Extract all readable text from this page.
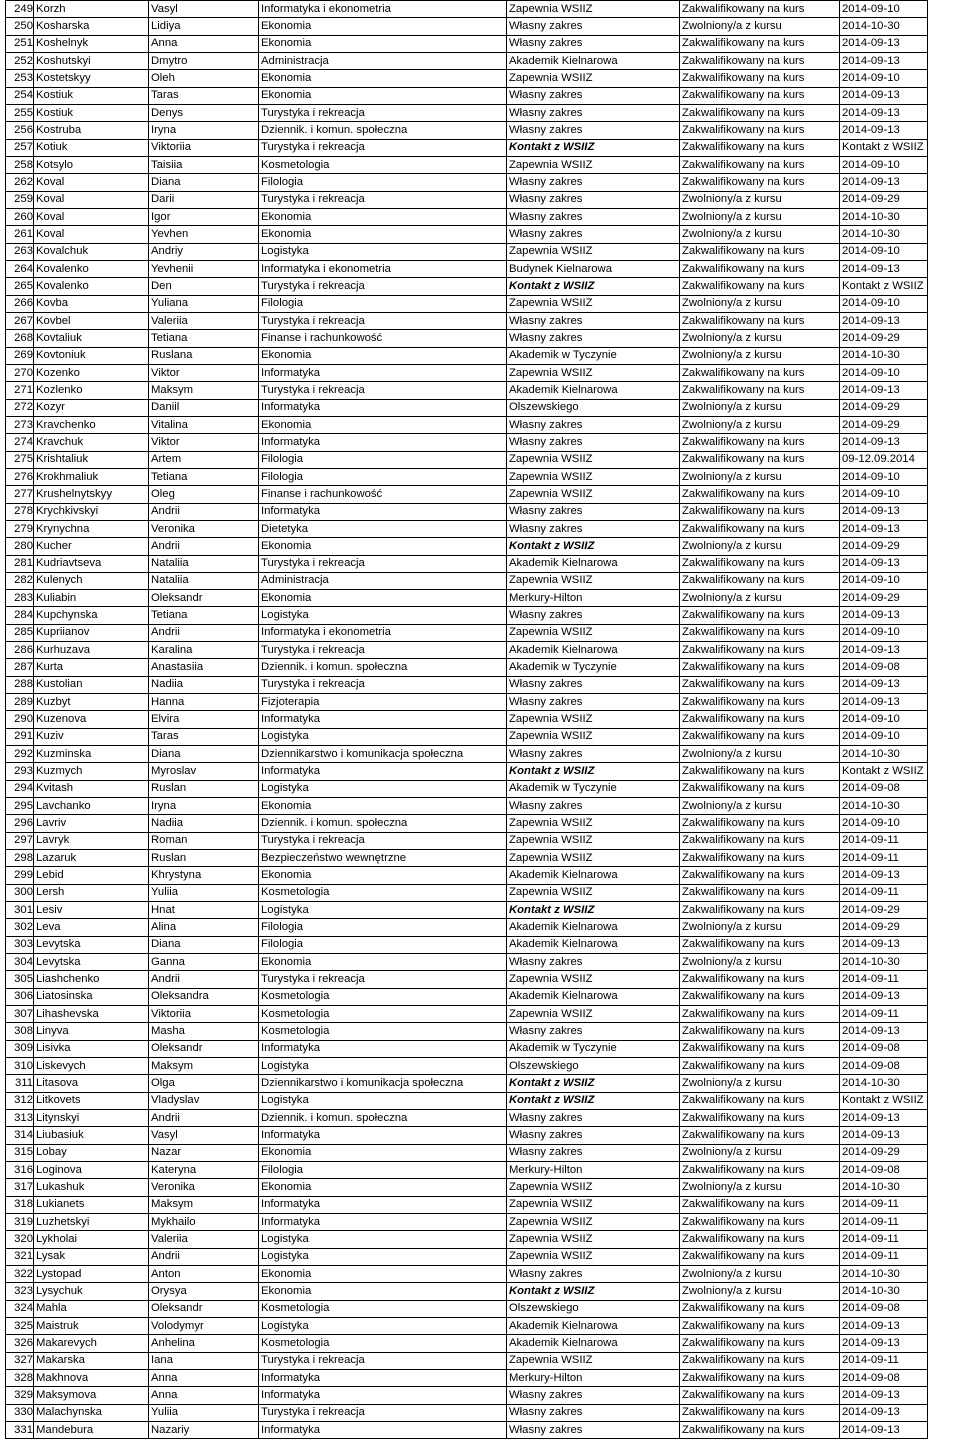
249	Korzh	Vasyl	Informatyka i ekonometria	Zapewnia WSIIZ	Zakwalifikowany na kurs	2014-09-10
250	Kosharska	Lidiya	Ekonomia	Własny zakres	Zwolniony/a z kursu	2014-10-30
251	Koshelnyk	Anna	Ekonomia	Własny zakres	Zakwalifikowany na kurs	2014-09-13
252	Koshutskyi	Dmytro	Administracja	Akademik Kielnarowa	Zakwalifikowany na kurs	2014-09-13
253	Kostetskyy	Oleh	Ekonomia	Zapewnia WSIIZ	Zakwalifikowany na kurs	2014-09-10
254	Kostiuk	Taras	Ekonomia	Własny zakres	Zakwalifikowany na kurs	2014-09-13
255	Kostiuk	Denys	Turystyka i rekreacja	Własny zakres	Zakwalifikowany na kurs	2014-09-13
256	Kostruba	Iryna	Dziennik. i komun. społeczna	Własny zakres	Zakwalifikowany na kurs	2014-09-13
257	Kotiuk	Viktoriia	Turystyka i rekreacja	Kontakt z WSIIZ	Zakwalifikowany na kurs	Kontakt z WSIIZ
258	Kotsylo	Taisiia	Kosmetologia	Zapewnia WSIIZ	Zakwalifikowany na kurs	2014-09-10
262	Koval	Diana	Filologia	Własny zakres	Zakwalifikowany na kurs	2014-09-13
259	Koval	Darii	Turystyka i rekreacja	Własny zakres	Zwolniony/a z kursu	2014-09-29
260	Koval	Igor	Ekonomia	Własny zakres	Zwolniony/a z kursu	2014-10-30
261	Koval	Yevhen	Ekonomia	Własny zakres	Zwolniony/a z kursu	2014-10-30
263	Kovalchuk	Andriy	Logistyka	Zapewnia WSIIZ	Zakwalifikowany na kurs	2014-09-10
264	Kovalenko	Yevhenii	Informatyka i ekonometria	Budynek Kielnarowa	Zakwalifikowany na kurs	2014-09-13
265	Kovalenko	Den	Turystyka i rekreacja	Kontakt z WSIIZ	Zakwalifikowany na kurs	Kontakt z WSIIZ
266	Kovba	Yuliana	Filologia	Zapewnia WSIIZ	Zwolniony/a z kursu	2014-09-10
267	Kovbel	Valeriia	Turystyka i rekreacja	Własny zakres	Zakwalifikowany na kurs	2014-09-13
268	Kovtaliuk	Tetiana	Finanse i rachunkowość	Własny zakres	Zwolniony/a z kursu	2014-09-29
269	Kovtoniuk	Ruslana	Ekonomia	Akademik w Tyczynie	Zwolniony/a z kursu	2014-10-30
270	Kozenko	Viktor	Informatyka	Zapewnia WSIIZ	Zakwalifikowany na kurs	2014-09-10
271	Kozlenko	Maksym	Turystyka i rekreacja	Akademik Kielnarowa	Zakwalifikowany na kurs	2014-09-13
272	Kozyr	Daniil	Informatyka	Olszewskiego	Zwolniony/a z kursu	2014-09-29
273	Kravchenko	Vitalina	Ekonomia	Własny zakres	Zwolniony/a z kursu	2014-09-29
274	Kravchuk	Viktor	Informatyka	Własny zakres	Zakwalifikowany na kurs	2014-09-13
275	Krishtaliuk	Artem	Filologia	Zapewnia WSIIZ	Zakwalifikowany na kurs	09-12.09.2014
276	Krokhmaliuk	Tetiana	Filologia	Zapewnia WSIIZ	Zwolniony/a z kursu	2014-09-10
277	Krushelnytskyy	Oleg	Finanse i rachunkowość	Zapewnia WSIIZ	Zakwalifikowany na kurs	2014-09-10
278	Krychkivskyi	Andrii	Informatyka	Własny zakres	Zakwalifikowany na kurs	2014-09-13
279	Krynychna	Veronika	Dietetyka	Własny zakres	Zakwalifikowany na kurs	2014-09-13
280	Kucher	Andrii	Ekonomia	Kontakt z WSIIZ	Zwolniony/a z kursu	2014-09-29
281	Kudriavtseva	Nataliia	Turystyka i rekreacja	Akademik Kielnarowa	Zakwalifikowany na kurs	2014-09-13
282	Kulenych	Nataliia	Administracja	Zapewnia WSIIZ	Zakwalifikowany na kurs	2014-09-10
283	Kuliabin	Oleksandr	Ekonomia	Merkury-Hilton	Zwolniony/a z kursu	2014-09-29
284	Kupchynska	Tetiana	Logistyka	Własny zakres	Zakwalifikowany na kurs	2014-09-13
285	Kupriianov	Andrii	Informatyka i ekonometria	Zapewnia WSIIZ	Zakwalifikowany na kurs	2014-09-10
286	Kurhuzava	Karalina	Turystyka i rekreacja	Akademik Kielnarowa	Zakwalifikowany na kurs	2014-09-13
287	Kurta	Anastasiia	Dziennik. i komun. społeczna	Akademik w Tyczynie	Zakwalifikowany na kurs	2014-09-08
288	Kustolian	Nadiia	Turystyka i rekreacja	Własny zakres	Zakwalifikowany na kurs	2014-09-13
289	Kuzbyt	Hanna	Fizjoterapia	Własny zakres	Zakwalifikowany na kurs	2014-09-13
290	Kuzenova	Elvira	Informatyka	Zapewnia WSIIZ	Zakwalifikowany na kurs	2014-09-10
291	Kuziv	Taras	Logistyka	Zapewnia WSIIZ	Zakwalifikowany na kurs	2014-09-10
292	Kuzminska	Diana	Dziennikarstwo i komunikacja społeczna	Własny zakres	Zwolniony/a z kursu	2014-10-30
293	Kuzmych	Myroslav	Informatyka	Kontakt z WSIIZ	Zakwalifikowany na kurs	Kontakt z WSIIZ
294	Kvitash	Ruslan	Logistyka	Akademik w Tyczynie	Zakwalifikowany na kurs	2014-09-08
295	Lavchanko	Iryna	Ekonomia	Własny zakres	Zwolniony/a z kursu	2014-10-30
296	Lavriv	Nadiia	Dziennik. i komun. społeczna	Zapewnia WSIIZ	Zakwalifikowany na kurs	2014-09-10
297	Lavryk	Roman	Turystyka i rekreacja	Zapewnia WSIIZ	Zakwalifikowany na kurs	2014-09-11
298	Lazaruk	Ruslan	Bezpieczeństwo wewnętrzne	Zapewnia WSIIZ	Zakwalifikowany na kurs	2014-09-11
299	Lebid	Khrystyna	Ekonomia	Akademik Kielnarowa	Zakwalifikowany na kurs	2014-09-13
300	Lersh	Yuliia	Kosmetologia	Zapewnia WSIIZ	Zakwalifikowany na kurs	2014-09-11
301	Lesiv	Hnat	Logistyka	Kontakt z WSIIZ	Zakwalifikowany na kurs	2014-09-29
302	Leva	Alina	Filologia	Akademik Kielnarowa	Zwolniony/a z kursu	2014-09-29
303	Levytska	Diana	Filologia	Akademik Kielnarowa	Zakwalifikowany na kurs	2014-09-13
304	Levytska	Ganna	Ekonomia	Własny zakres	Zwolniony/a z kursu	2014-10-30
305	Liashchenko	Andrii	Turystyka i rekreacja	Zapewnia WSIIZ	Zakwalifikowany na kurs	2014-09-11
306	Liatosinska	Oleksandra	Kosmetologia	Akademik Kielnarowa	Zakwalifikowany na kurs	2014-09-13
307	Lihashevska	Viktoriia	Kosmetologia	Zapewnia WSIIZ	Zakwalifikowany na kurs	2014-09-11
308	Linyva	Masha	Kosmetologia	Własny zakres	Zakwalifikowany na kurs	2014-09-13
309	Lisivka	Oleksandr	Informatyka	Akademik w Tyczynie	Zakwalifikowany na kurs	2014-09-08
310	Liskevych	Maksym	Logistyka	Olszewskiego	Zakwalifikowany na kurs	2014-09-08
311	Litasova	Olga	Dziennikarstwo i komunikacja społeczna	Kontakt z WSIIZ	Zwolniony/a z kursu	2014-10-30
312	Litkovets	Vladyslav	Logistyka	Kontakt z WSIIZ	Zakwalifikowany na kurs	Kontakt z WSIIZ
313	Litynskyi	Andrii	Dziennik. i komun. społeczna	Własny zakres	Zakwalifikowany na kurs	2014-09-13
314	Liubasiuk	Vasyl	Informatyka	Własny zakres	Zakwalifikowany na kurs	2014-09-13
315	Lobay	Nazar	Ekonomia	Własny zakres	Zwolniony/a z kursu	2014-09-29
316	Loginova	Kateryna	Filologia	Merkury-Hilton	Zakwalifikowany na kurs	2014-09-08
317	Lukashuk	Veronika	Ekonomia	Zapewnia WSIIZ	Zwolniony/a z kursu	2014-10-30
318	Lukianets	Maksym	Informatyka	Zapewnia WSIIZ	Zakwalifikowany na kurs	2014-09-11
319	Luzhetskyi	Mykhailo	Informatyka	Zapewnia WSIIZ	Zakwalifikowany na kurs	2014-09-11
320	Lykholai	Valeriia	Logistyka	Zapewnia WSIIZ	Zakwalifikowany na kurs	2014-09-11
321	Lysak	Andrii	Logistyka	Zapewnia WSIIZ	Zakwalifikowany na kurs	2014-09-11
322	Lystopad	Anton	Ekonomia	Własny zakres	Zwolniony/a z kursu	2014-10-30
323	Lysychuk	Orysya	Ekonomia	Kontakt z WSIIZ	Zwolniony/a z kursu	2014-10-30
324	Mahla	Oleksandr	Kosmetologia	Olszewskiego	Zakwalifikowany na kurs	2014-09-08
325	Maistruk	Volodymyr	Logistyka	Akademik Kielnarowa	Zakwalifikowany na kurs	2014-09-13
326	Makarevych	Anhelina	Kosmetologia	Akademik Kielnarowa	Zakwalifikowany na kurs	2014-09-13
327	Makarska	Iana	Turystyka i rekreacja	Zapewnia WSIIZ	Zakwalifikowany na kurs	2014-09-11
328	Makhnova	Anna	Informatyka	Merkury-Hilton	Zakwalifikowany na kurs	2014-09-08
329	Maksymova	Anna	Informatyka	Własny zakres	Zakwalifikowany na kurs	2014-09-13
330	Malachynska	Yuliia	Turystyka i rekreacja	Własny zakres	Zakwalifikowany na kurs	2014-09-13
331	Mandebura	Nazariy	Informatyka	Własny zakres	Zakwalifikowany na kurs	2014-09-13
